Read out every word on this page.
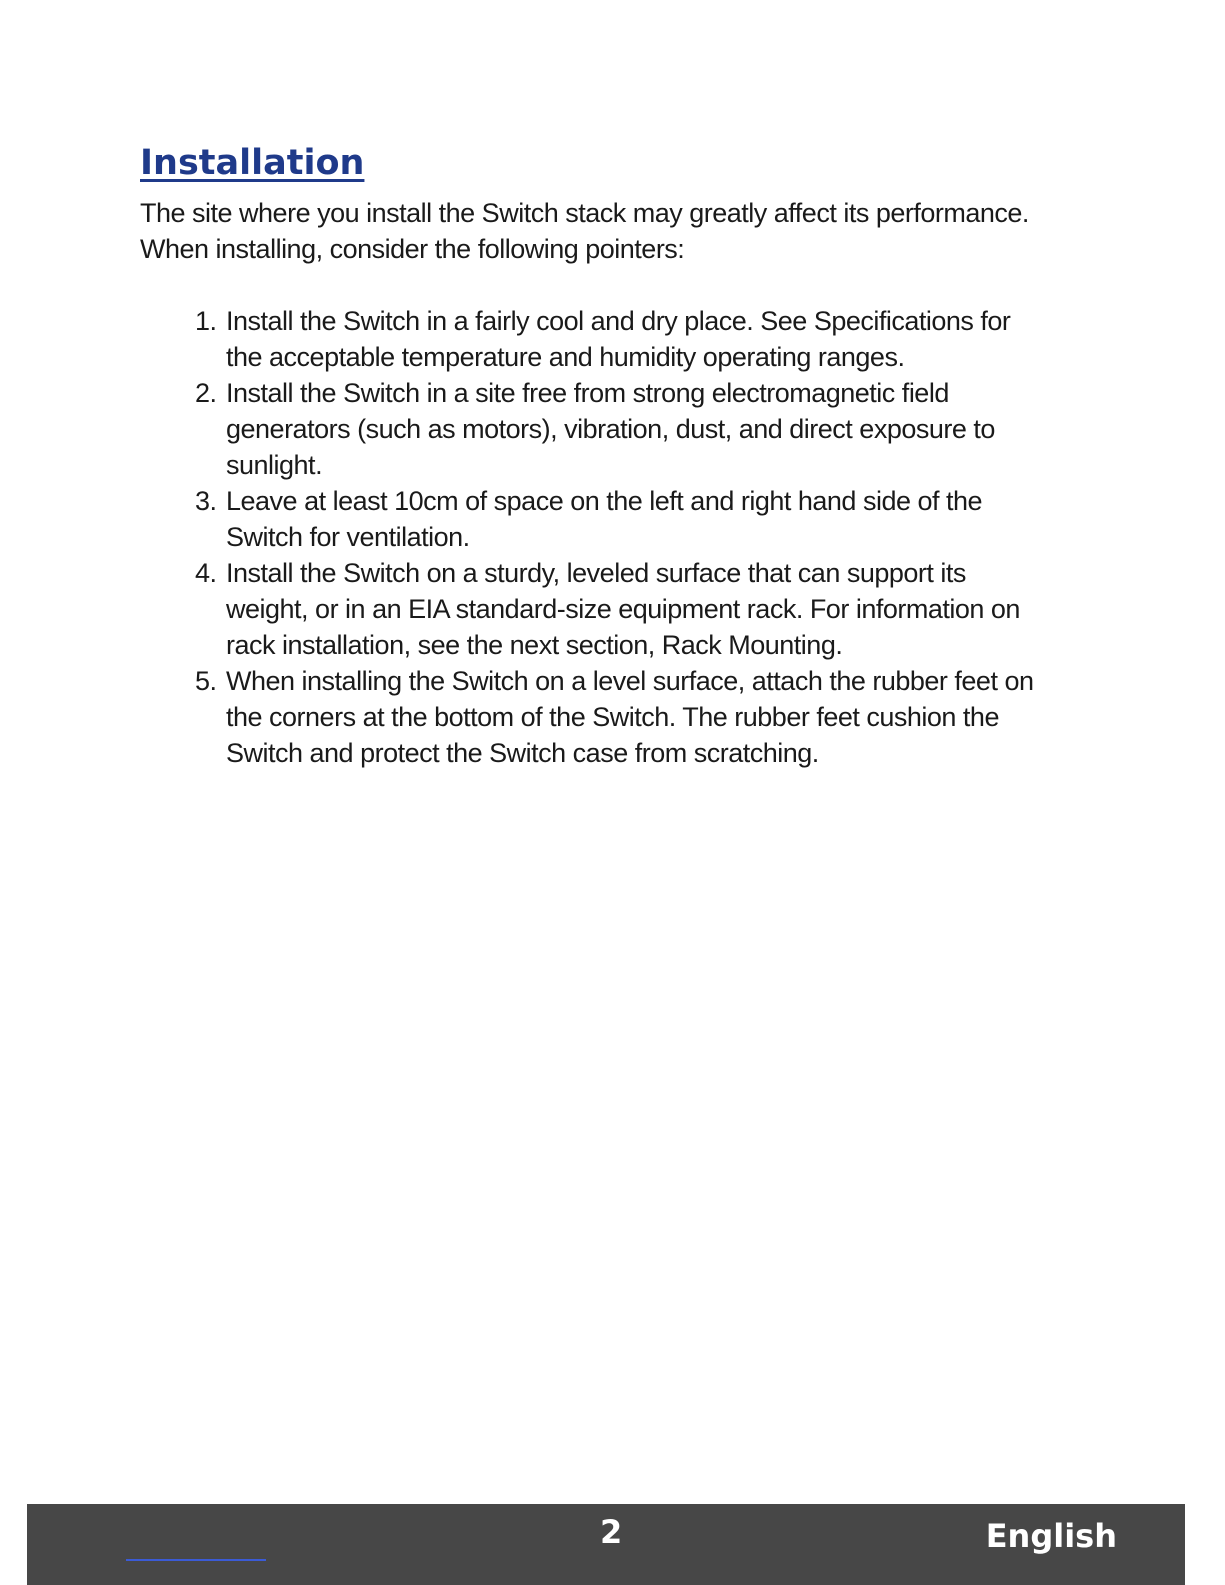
Installation

The site where you install the Switch stack may greatly affect its performance.
When installing, consider the following pointers:

1. Install the Switch in a fairly cool and dry place. See Specifications for
the acceptable temperature and humidity operating ranges.
2. Install the Switch in a site free from strong electromagnetic field
generators (such as motors), vibration, dust, and direct exposure to
sunlight.
3. Leave at least 10cm of space on the left and right hand side of the
Switch for ventilation.
4. Install the Switch on a sturdy, leveled surface that can support its
weight, or in an EIA standard-size equipment rack. For information on
rack installation, see the next section, Rack Mounting.
5. When installing the Switch on a level surface, attach the rubber feet on
the corners at the bottom of the Switch. The rubber feet cushion the
Switch and protect the Switch case from scratching.
2	English
